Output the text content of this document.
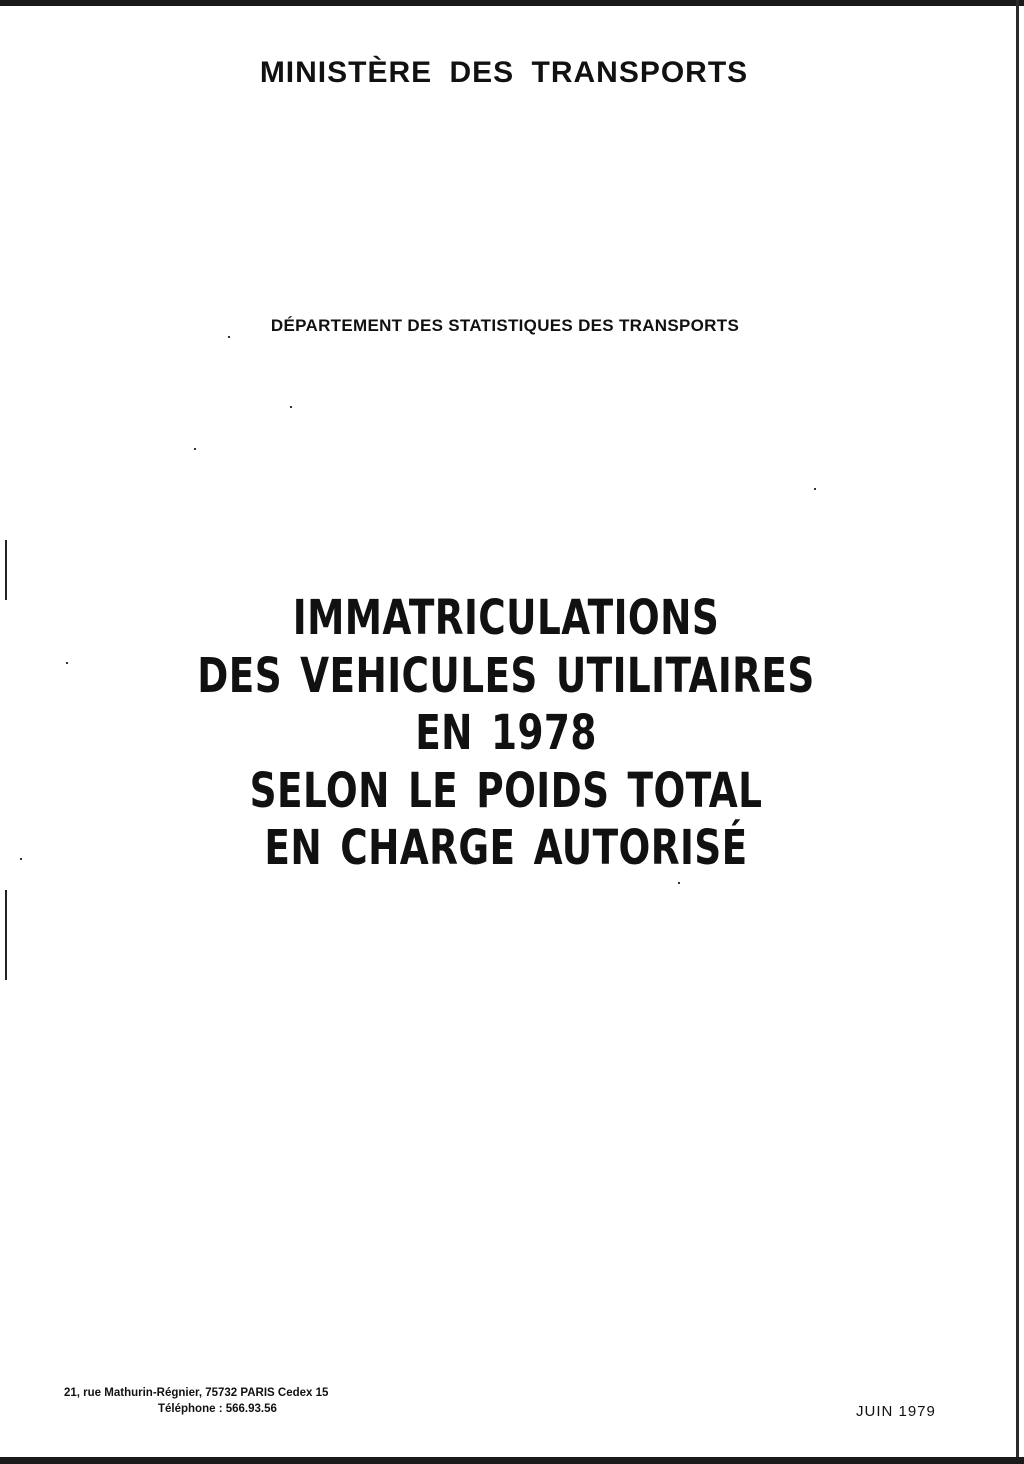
MINISTÈRE DES TRANSPORTS
DÉPARTEMENT DES STATISTIQUES DES TRANSPORTS
IMMATRICULATIONS
DES VEHICULES UTILITAIRES
EN 1978
SELON LE POIDS TOTAL
EN CHARGE AUTORISÉ
21, rue Mathurin-Régnier, 75732 PARIS Cedex 15
Téléphone : 566.93.56	JUIN 1979
